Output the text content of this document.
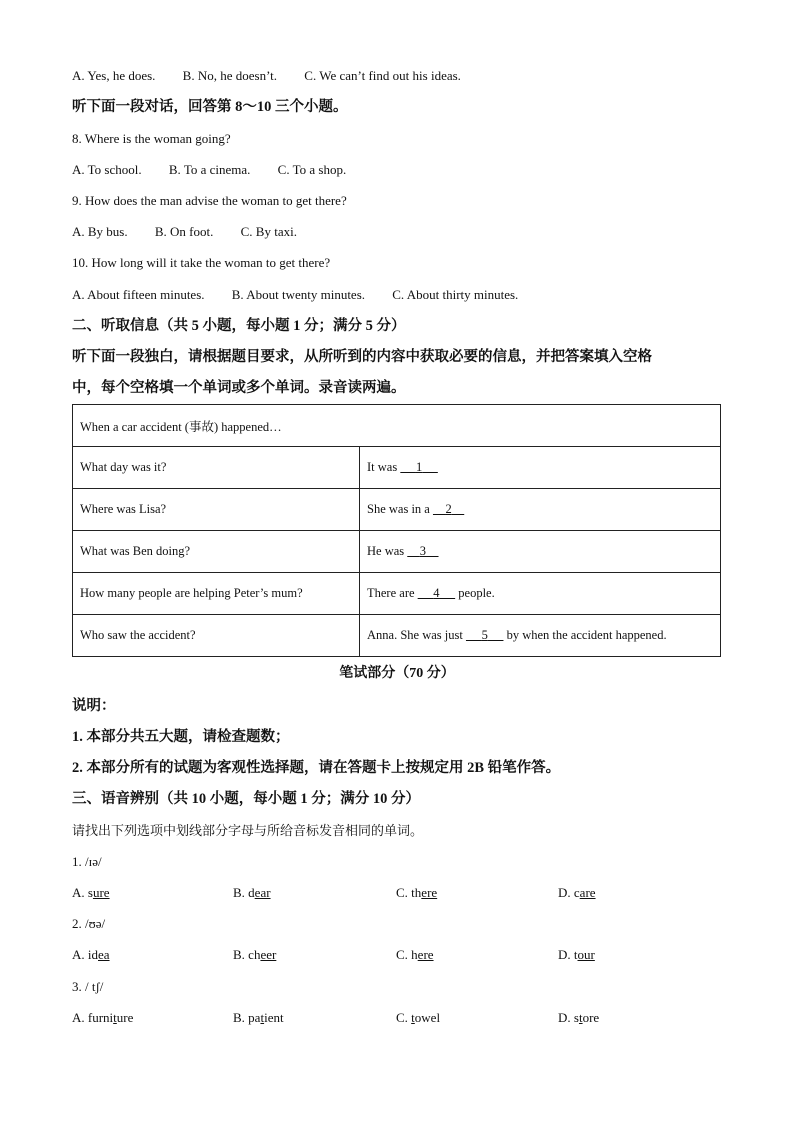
A. Yes, he does. B. No, he doesn’t. C. We can’t find out his ideas.
听下面一段对话，回答第 8～10 三个小题。
8. Where is the woman going?
A. To school. B. To a cinema. C. To a shop.
9. How does the man advise the woman to get there?
A. By bus. B. On foot. C. By taxi.
10. How long will it take the woman to get there?
A. About fifteen minutes. B. About twenty minutes. C. About thirty minutes.
二、听取信息（共 5 小题，每小题 1 分；满分 5 分）
听下面一段独白，请根据题目要求，从所听到的内容中获取必要的信息，并把答案填入空格
中，每个空格填一个单词或多个单词。录音读两遍。
When a car accident (事故) happened…	
What day was it?	It was      1
Where was Lisa?	She was in a     2
What was Ben doing?	He was     3
How many people are helping Peter’s mum?	There are      4      people.
Who saw the accident?	Anna. She was just      5      by when the accident happened.
笔试部分（70 分）
说明：
1. 本部分共五大题，请检查题数；
2. 本部分所有的试题为客观性选择题，请在答题卡上按规定用 2B 铅笔作答。
三、语音辨别（共 10 小题，每小题 1 分；满分 10 分）
请找出下列选项中划线部分字母与所给音标发音相同的单词。
1. /ɪə/
A. sure	B. dear	C. there	D. care
2. /ʊə/
A. idea	B. cheer	C. here	D. tour
3. / tʃ/
A. furniture	B. patient	C. towel	D. store
